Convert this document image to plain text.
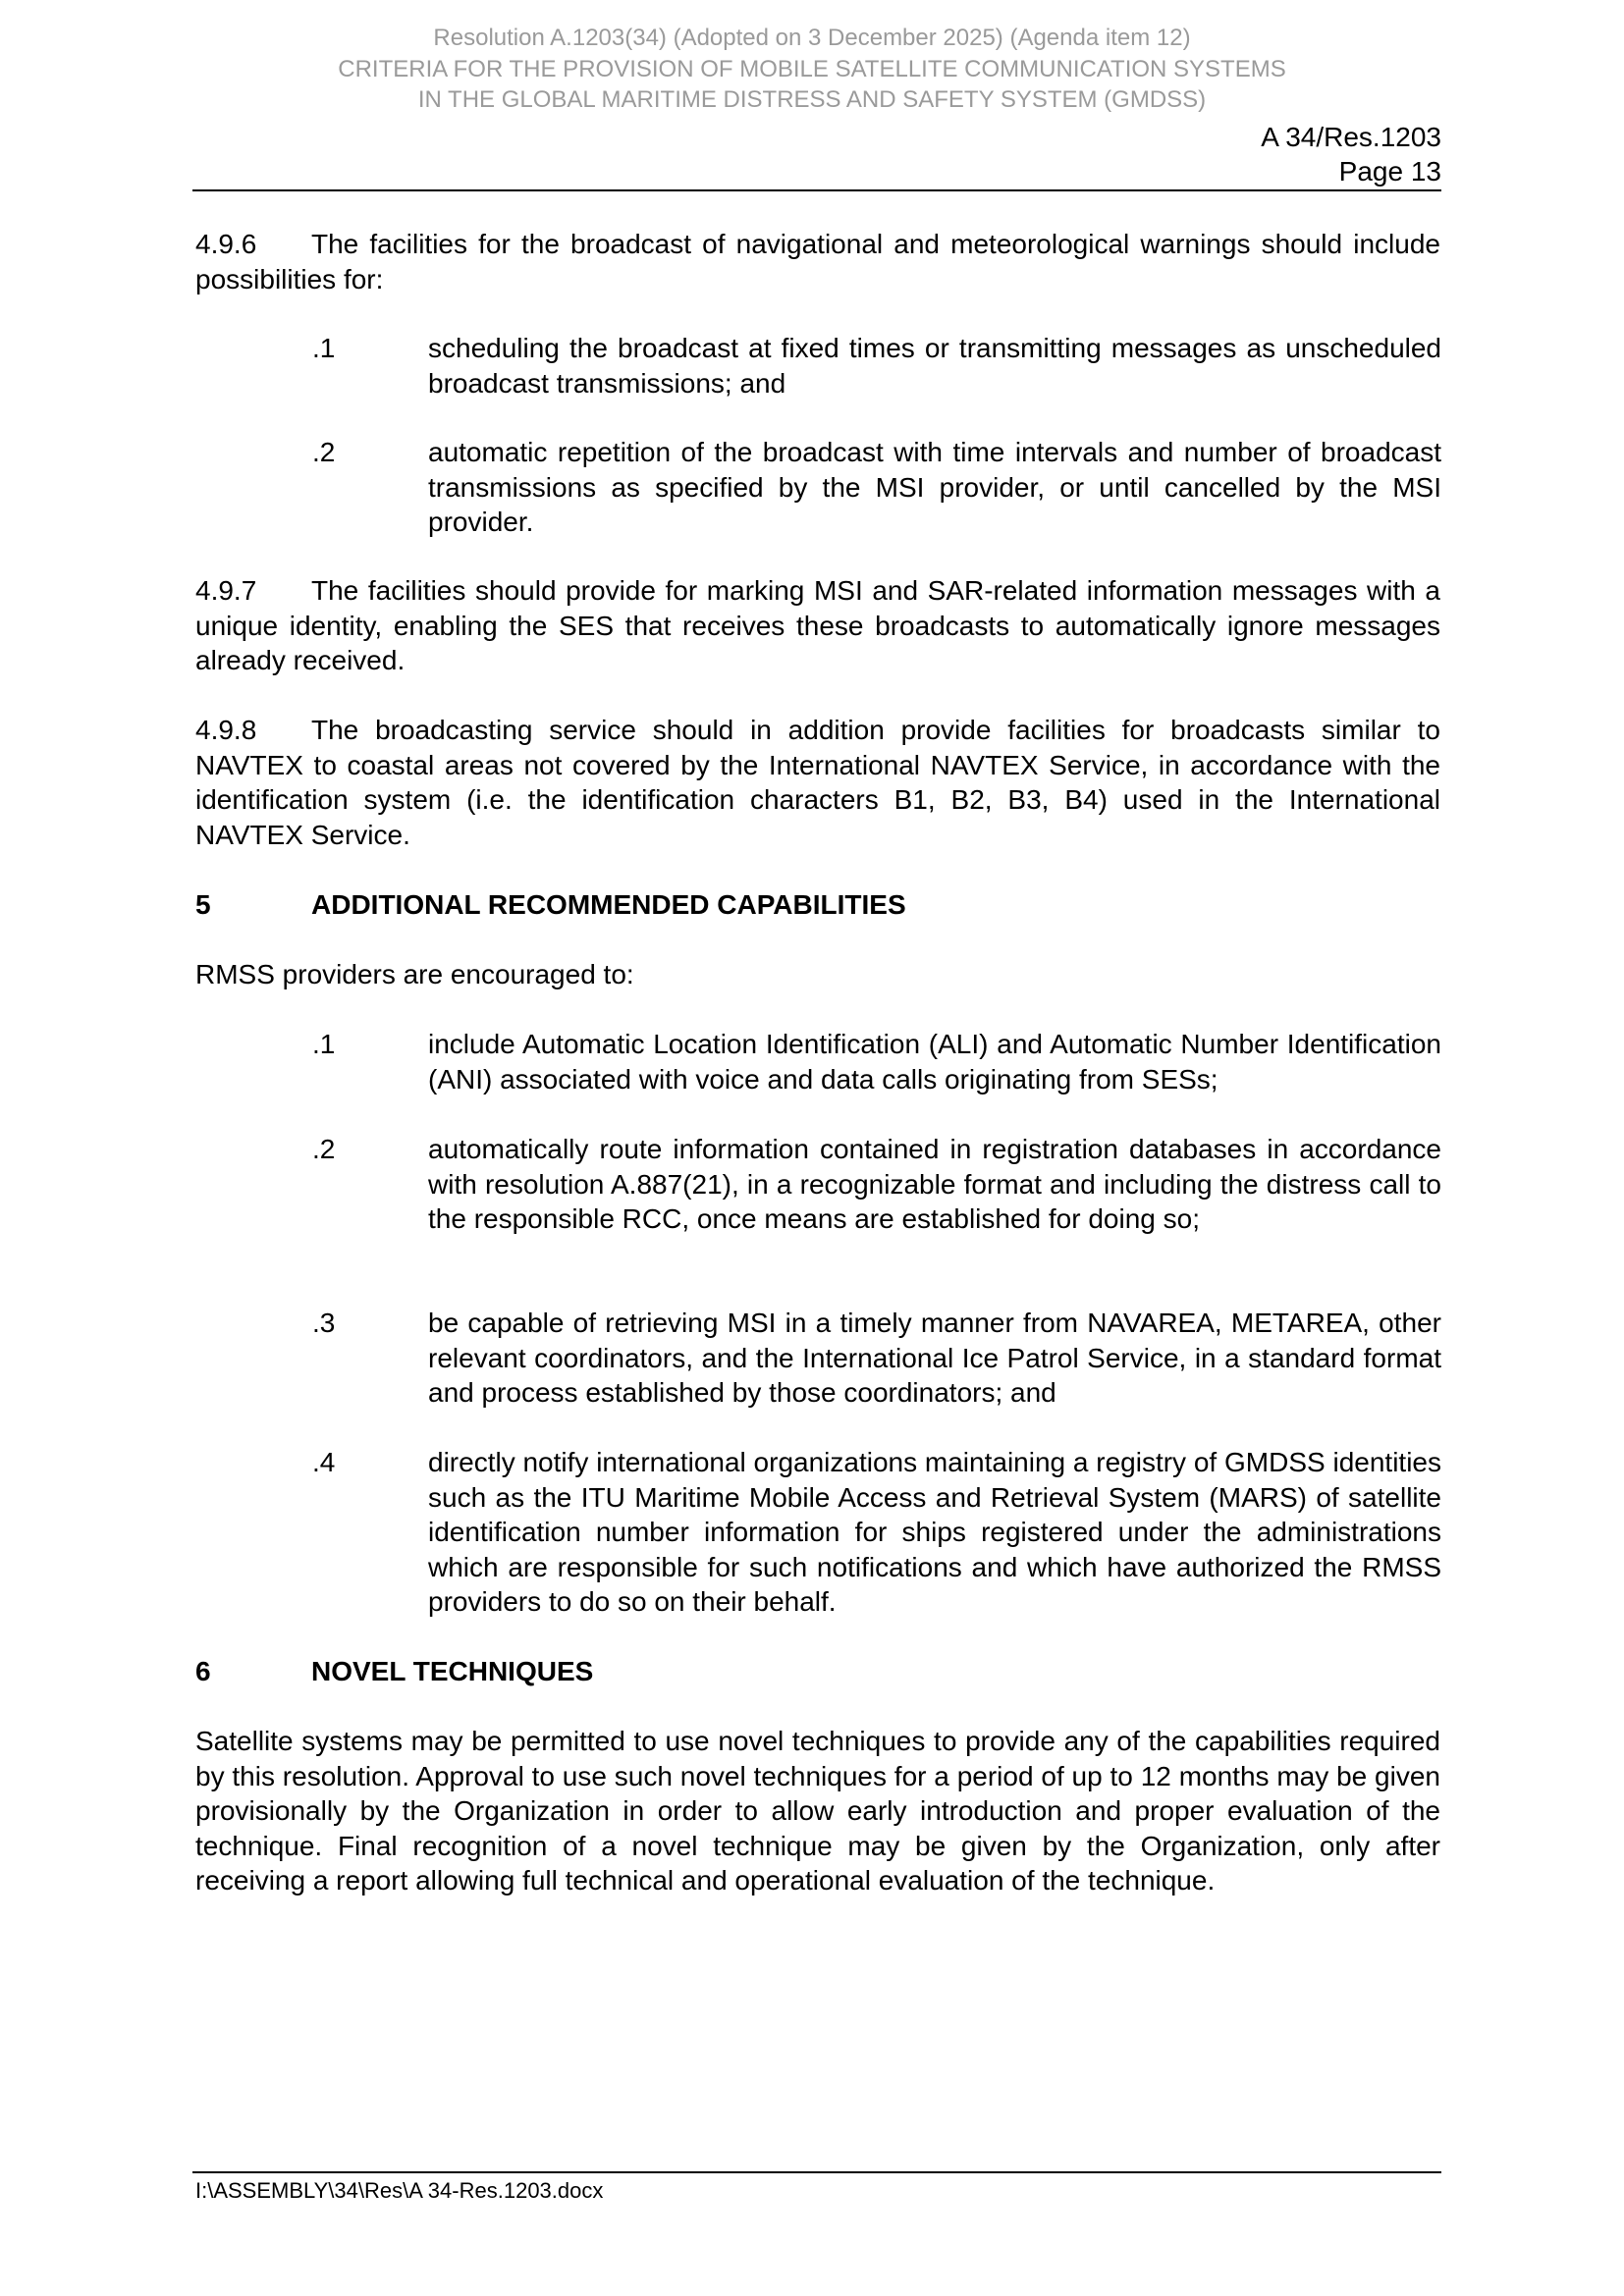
Resolution A.1203(34) (Adopted on 3 December 2025) (Agenda item 12)
CRITERIA FOR THE PROVISION OF MOBILE SATELLITE COMMUNICATION SYSTEMS
IN THE GLOBAL MARITIME DISTRESS AND SAFETY SYSTEM (GMDSS)
A 34/Res.1203
Page 13
4.9.6 The facilities for the broadcast of navigational and meteorological warnings should include possibilities for:
.1	scheduling the broadcast at fixed times or transmitting messages as unscheduled broadcast transmissions; and
.2	automatic repetition of the broadcast with time intervals and number of broadcast transmissions as specified by the MSI provider, or until cancelled by the MSI provider.
4.9.7 The facilities should provide for marking MSI and SAR-related information messages with a unique identity, enabling the SES that receives these broadcasts to automatically ignore messages already received.
4.9.8 The broadcasting service should in addition provide facilities for broadcasts similar to NAVTEX to coastal areas not covered by the International NAVTEX Service, in accordance with the identification system (i.e. the identification characters B1, B2, B3, B4) used in the International NAVTEX Service.
5	ADDITIONAL RECOMMENDED CAPABILITIES
RMSS providers are encouraged to:
.1	include Automatic Location Identification (ALI) and Automatic Number Identification (ANI) associated with voice and data calls originating from SESs;
.2	automatically route information contained in registration databases in accordance with resolution A.887(21), in a recognizable format and including the distress call to the responsible RCC, once means are established for doing so;
.3	be capable of retrieving MSI in a timely manner from NAVAREA, METAREA, other relevant coordinators, and the International Ice Patrol Service, in a standard format and process established by those coordinators; and
.4	directly notify international organizations maintaining a registry of GMDSS identities such as the ITU Maritime Mobile Access and Retrieval System (MARS) of satellite identification number information for ships registered under the administrations which are responsible for such notifications and which have authorized the RMSS providers to do so on their behalf.
6	NOVEL TECHNIQUES
Satellite systems may be permitted to use novel techniques to provide any of the capabilities required by this resolution. Approval to use such novel techniques for a period of up to 12 months may be given provisionally by the Organization in order to allow early introduction and proper evaluation of the technique. Final recognition of a novel technique may be given by the Organization, only after receiving a report allowing full technical and operational evaluation of the technique.
I:\ASSEMBLY\34\Res\A 34-Res.1203.docx
